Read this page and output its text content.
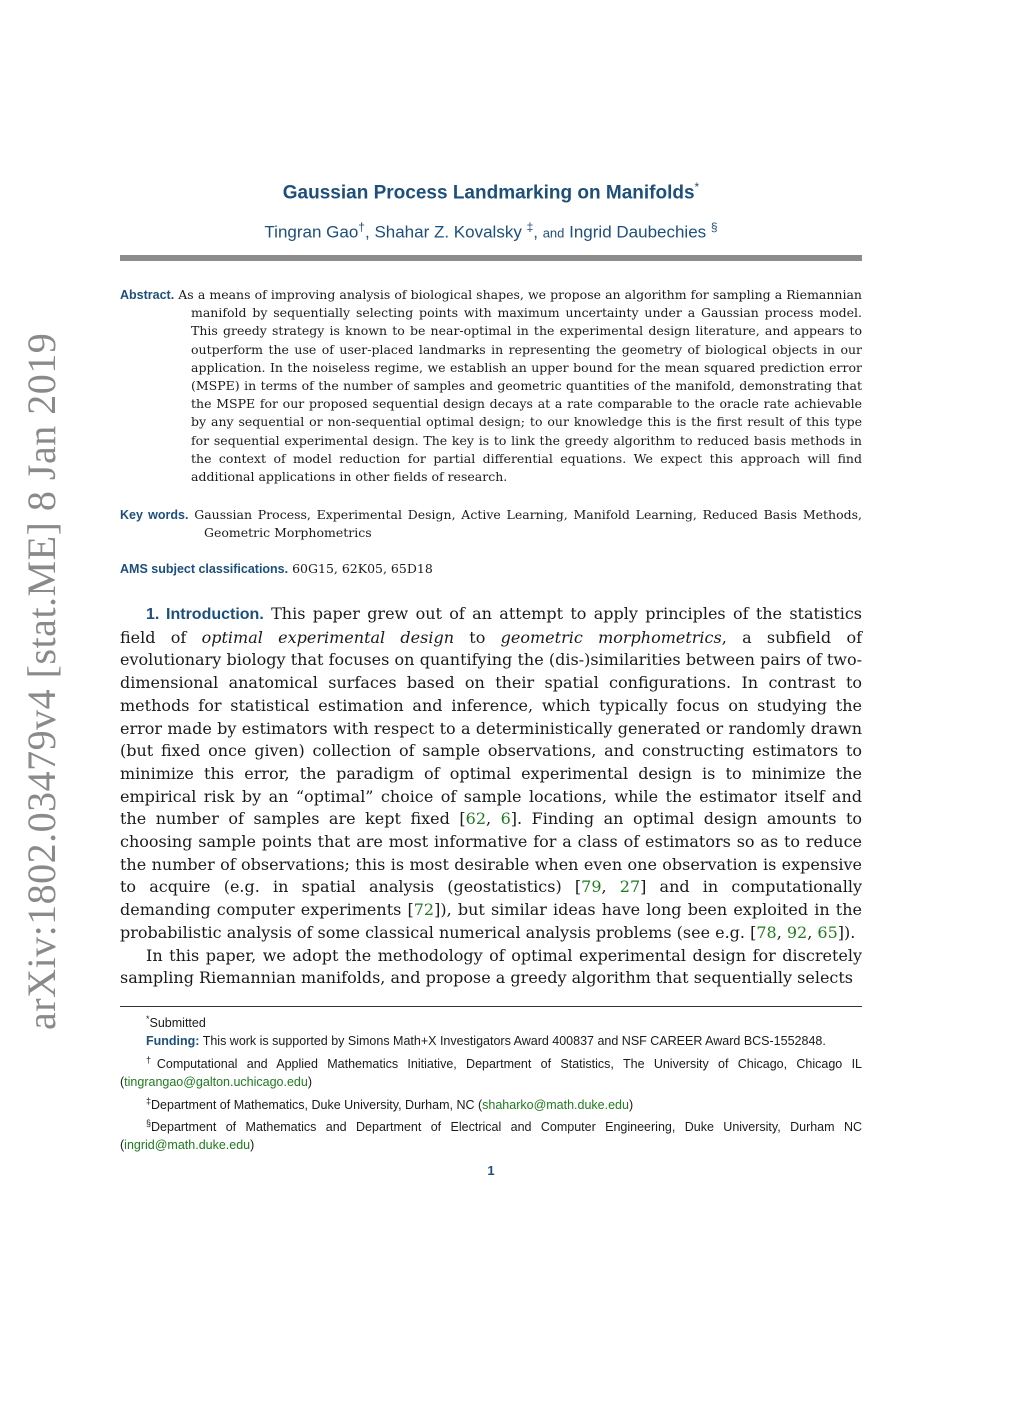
arXiv:1802.03479v4 [stat.ME] 8 Jan 2019
Gaussian Process Landmarking on Manifolds*
Tingran Gao†, Shahar Z. Kovalsky ‡, and Ingrid Daubechies §
Abstract. As a means of improving analysis of biological shapes, we propose an algorithm for sampling a Riemannian manifold by sequentially selecting points with maximum uncertainty under a Gaussian process model. This greedy strategy is known to be near-optimal in the experimental design literature, and appears to outperform the use of user-placed landmarks in representing the geometry of biological objects in our application. In the noiseless regime, we establish an upper bound for the mean squared prediction error (MSPE) in terms of the number of samples and geometric quantities of the manifold, demonstrating that the MSPE for our proposed sequential design decays at a rate comparable to the oracle rate achievable by any sequential or non-sequential optimal design; to our knowledge this is the first result of this type for sequential experimental design. The key is to link the greedy algorithm to reduced basis methods in the context of model reduction for partial differential equations. We expect this approach will find additional applications in other fields of research.
Key words. Gaussian Process, Experimental Design, Active Learning, Manifold Learning, Reduced Basis Methods, Geometric Morphometrics
AMS subject classifications. 60G15, 62K05, 65D18

1. Introduction. This paper grew out of an attempt to apply principles of the statistics field of optimal experimental design to geometric morphometrics, a subfield of evolutionary biology that focuses on quantifying the (dis-)similarities between pairs of two-dimensional anatomical surfaces based on their spatial configurations. In contrast to methods for statistical estimation and inference, which typically focus on studying the error made by estimators with respect to a deterministically generated or randomly drawn (but fixed once given) collection of sample observations, and constructing estimators to minimize this error, the paradigm of optimal experimental design is to minimize the empirical risk by an “optimal” choice of sample locations, while the estimator itself and the number of samples are kept fixed [62, 6]. Finding an optimal design amounts to choosing sample points that are most informative for a class of estimators so as to reduce the number of observations; this is most desirable when even one observation is expensive to acquire (e.g. in spatial analysis (geostatistics) [79, 27] and in computationally demanding computer experiments [72]), but similar ideas have long been exploited in the probabilistic analysis of some classical numerical analysis problems (see e.g. [78, 92, 65]).

In this paper, we adopt the methodology of optimal experimental design for discretely sampling Riemannian manifolds, and propose a greedy algorithm that sequentially selects

*Submitted

Funding: This work is supported by Simons Math+X Investigators Award 400837 and NSF CAREER Award BCS-1552848.

†Computational and Applied Mathematics Initiative, Department of Statistics, The University of Chicago, Chicago IL (tingrangao@galton.uchicago.edu)

‡Department of Mathematics, Duke University, Durham, NC (shaharko@math.duke.edu)

§Department of Mathematics and Department of Electrical and Computer Engineering, Duke University, Durham NC (ingrid@math.duke.edu)

1
